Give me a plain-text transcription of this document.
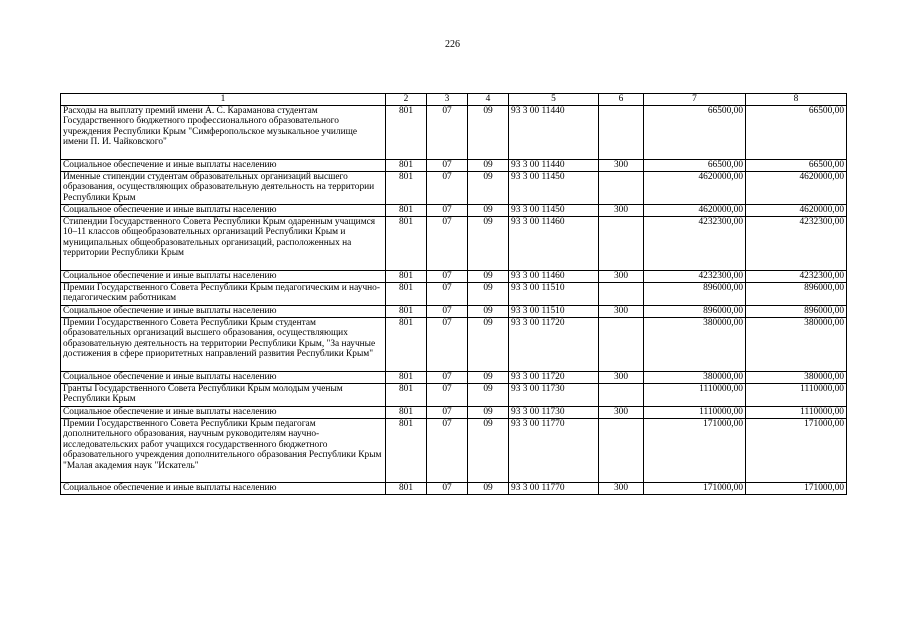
226
1	2	3	4	5	6	7	8
Расходы на выплату премий имени А. С. Караманова студентам Государственного бюджетного профессионального образовательного учреждения Республики Крым "Симферопольское музыкальное училище имени П. И. Чайковского"	801	07	09	93 3 00 11440		66500,00	66500,00
Социальное обеспечение и иные выплаты населению	801	07	09	93 3 00 11440	300	66500,00	66500,00
Именные стипендии студентам образовательных организаций высшего образования, осуществляющих образовательную деятельность на территории Республики Крым	801	07	09	93 3 00 11450		4620000,00	4620000,00
Социальное обеспечение и иные выплаты населению	801	07	09	93 3 00 11450	300	4620000,00	4620000,00
Стипендии Государственного Совета Республики Крым одаренным учащимся 10–11 классов общеобразовательных организаций Республики Крым и муниципальных общеобразовательных организаций, расположенных на территории Республики Крым	801	07	09	93 3 00 11460		4232300,00	4232300,00
Социальное обеспечение и иные выплаты населению	801	07	09	93 3 00 11460	300	4232300,00	4232300,00
Премии Государственного Совета Республики Крым педагогическим и научно-педагогическим работникам	801	07	09	93 3 00 11510		896000,00	896000,00
Социальное обеспечение и иные выплаты населению	801	07	09	93 3 00 11510	300	896000,00	896000,00
Премии Государственного Совета Республики Крым студентам образовательных организаций высшего образования, осуществляющих образовательную деятельность на территории Республики Крым, "За научные достижения в сфере приоритетных направлений развития Республики Крым"	801	07	09	93 3 00 11720		380000,00	380000,00
Социальное обеспечение и иные выплаты населению	801	07	09	93 3 00 11720	300	380000,00	380000,00
Гранты Государственного Совета Республики Крым молодым ученым Республики Крым	801	07	09	93 3 00 11730		1110000,00	1110000,00
Социальное обеспечение и иные выплаты населению	801	07	09	93 3 00 11730	300	1110000,00	1110000,00
Премии Государственного Совета Республики Крым педагогам дополнительного образования, научным руководителям научно-исследовательских работ учащихся государственного бюджетного образовательного учреждения дополнительного образования Республики Крым "Малая академия наук "Искатель"	801	07	09	93 3 00 11770		171000,00	171000,00
Социальное обеспечение и иные выплаты населению	801	07	09	93 3 00 11770	300	171000,00	171000,00
